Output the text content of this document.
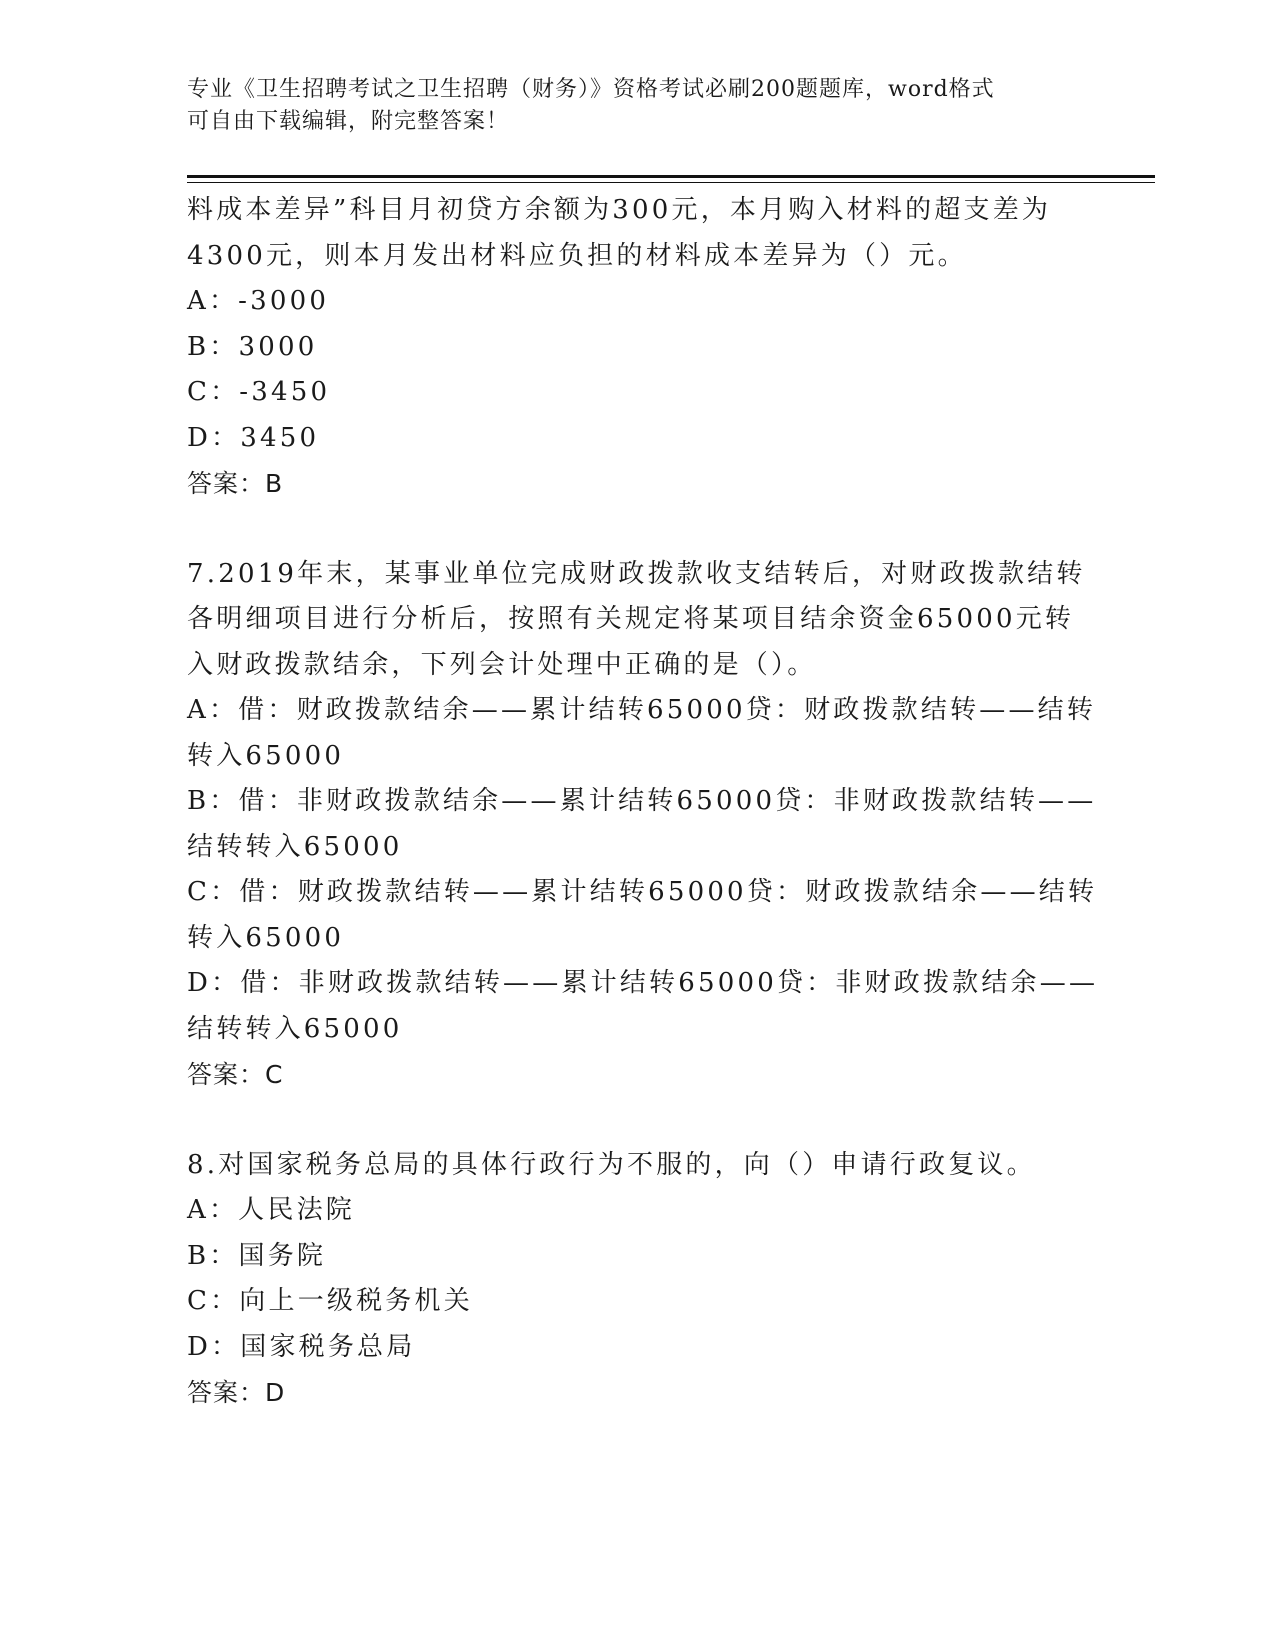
专业《卫生招聘考试之卫生招聘（财务）》资格考试必刷200题题库，word格式
可自由下载编辑，附完整答案！
料成本差异”科目月初贷方余额为300元，本月购入材料的超支差为
4300元，则本月发出材料应负担的材料成本差异为（）元。
A：-3000
B：3000
C：-3450
D：3450
答案：B
7.2019年末，某事业单位完成财政拨款收支结转后，对财政拨款结转
各明细项目进行分析后，按照有关规定将某项目结余资金65000元转
入财政拨款结余，下列会计处理中正确的是（）。
A：借：财政拨款结余——累计结转65000贷：财政拨款结转——结转
转入65000
B：借：非财政拨款结余——累计结转65000贷：非财政拨款结转——
结转转入65000
C：借：财政拨款结转——累计结转65000贷：财政拨款结余——结转
转入65000
D：借：非财政拨款结转——累计结转65000贷：非财政拨款结余——
结转转入65000
答案：C
8.对国家税务总局的具体行政行为不服的，向（）申请行政复议。
A：人民法院
B：国务院
C：向上一级税务机关
D：国家税务总局
答案：D
